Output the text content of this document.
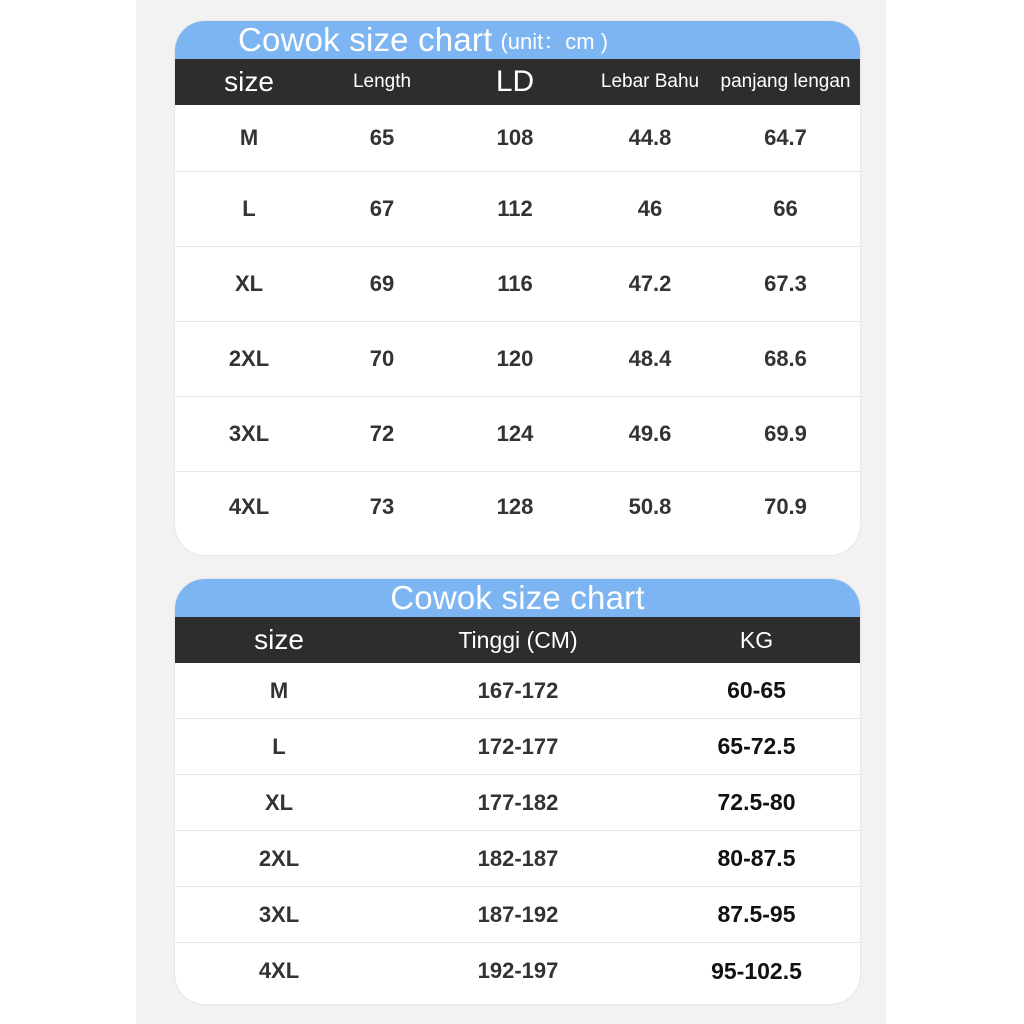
Cowok size chart (unit：cm )
size	Length	LD	Lebar Bahu	panjang lengan
M	65	108	44.8	64.7
L	67	112	46	66
XL	69	116	47.2	67.3
2XL	70	120	48.4	68.6
3XL	72	124	49.6	69.9
4XL	73	128	50.8	70.9
Cowok size chart
size	Tinggi (CM)	KG
M	167-172	60-65
L	172-177	65-72.5
XL	177-182	72.5-80
2XL	182-187	80-87.5
3XL	187-192	87.5-95
4XL	192-197	95-102.5
